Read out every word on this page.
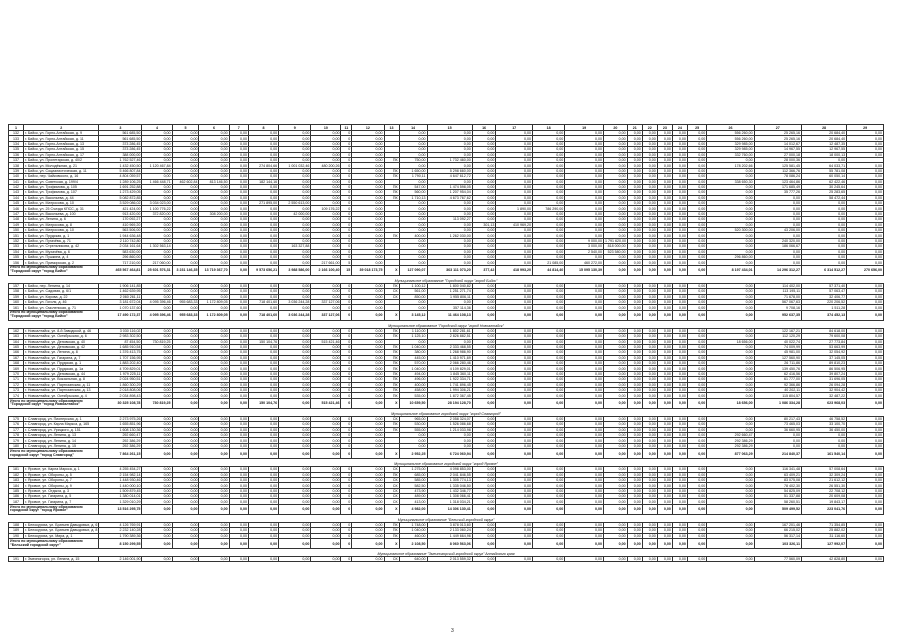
1	2	3	4	5	6	7	8	9	10	11	12	13	14	15	16	17	18	19	20	21	22	23	24	25	26	27	28	29
132	г. Бийск, ул. Горно-Алтайская, д. 9	561 685,50	0,00	0,00	0,00	0,00	0,00	0,00	0,00	0	0,00		0,00	0,00	0,00	0,00	0,00	0,00	0,00	0,00	0,00	0,00	0,00	0,00	556 260,00	25 265,16	20 684,40	0,00
133	г. Бийск, ул. Горно-Алтайская, д. 11	561 685,50	0,00	0,00	0,00	0,00	0,00	0,00	0,00	0	0,00		0,00	0,00	0,00	0,00	0,00	0,00	0,00	0,00	0,00	0,00	0,00	0,00	556 260,00	25 265,16	20 684,40	0,00
134	г. Бийск, ул. Горно-Алтайская, д. 13	373 286,45	0,00	0,00	0,00	0,00	0,00	0,00	0,00	0	0,00		0,00	0,00	0,00	0,00	0,00	0,00	0,00	0,00	0,00	0,00	0,00	0,00	329 985,00	14 012,67	12 487,35	0,00
135	г. Бийск, ул. Горно-Алтайская, д. 15	373 286,45	0,00	0,00	0,00	0,00	0,00	0,00	0,00	0	0,00		0,00	0,00	0,00	0,00	0,00	0,00	0,00	0,00	0,00	0,00	0,00	0,00	329 985,00	14 967,55	12 967,55	0,00
136	г. Бийск, ул. Горно-Алтайская, д. 17	388 000,00	0,00	0,00	0,00	0,00	0,00	0,00	0,00	0	0,00		0,00	0,00	0,00	0,00	0,00	0,00	0,00	0,00	0,00	0,00	0,00	0,00	332 760,00	27 000,18	18 000,13	0,00
137	г. Бийск, ул. Пролетарская, д. 40/2	1 762 527,46	0,00	0,00	0,00	0,00	0,00	0,00	0,00	0	0,00	ПК	750,00	1 732 460,00	0,00	0,00	0,00	0,00	0,00	0,00	0,00	0,00	0,00	0,00	0,00	28 000,36	0,00	
138	г. Бийск, ул. Молодёжная, д. 21	1 432 450,50	1 120 467,84	0,00	0,00	0,00	274 804,66	1 001 032,46	480 200,26	0	0,00		0,00	0,00	0,00	0,00	0,00	0,00	0,00	0,00	0,00	0,00	0,00	0,00	178 202,66	125 581,45	64 033,71	0,00
139	г. Бийск, ул. Социалистическая, д. 11	5 466 807,84	0,00	0,00	0,00	0,00	0,00	0,00	0,00	0	0,00	ПК	1 650,00	5 298 660,00	0,00	0,00	0,00	0,00	0,00	0,00	0,00	0,00	0,00	0,00	0,00	112 366,76	55 781,08	0,00
140	г. Бийск, пер. Чайковского, д. 16	4 804 059,57	0,00	0,00	0,00	0,00	0,00	0,00	0,00	0	0,00	ПК	1 790,11	4 647 612,72	0,00	0,00	0,00	0,00	0,00	0,00	0,00	0,00	0,00	0,00	0,00	78 086,24	60 050,14	0,00
141	г. Бийск, ул. Советская, д. 199/4	1 289 106,25	1 466 448,71	462 602,84	813 146,50	0,00	182 144,16	0,00	0,00	0	0,00		0,00	0,00	0,00	0,00	0,00	0,00	0,00	0,00	0,00	0,00	0,00	0,00	338 650,30	123 464,86	62 422,46	0,00
142	г. Бийск, ул. Трофимова, д. 105	1 691 252,88	0,00	0,00	0,00	0,00	0,00	0,00	0,00	0	0,00	ПК	547,00	1 474 598,05	0,00	0,00	0,00	0,00	0,00	0,00	0,00	0,00	0,00	0,00	0,00	171 685,49	30 245,64	0,00
143	г. Бийск, ул. Трофимова, д. 107	1 273 429,05	0,00	0,00	0,00	0,00	0,00	0,00	0,00	0	0,00	ПК	560,00	1 207 954,04	0,00	0,00	0,00	0,00	0,00	0,00	0,00	0,00	0,00	0,00	0,00	35 777,26	25 283,65	0,00
144	г. Бийск, ул. Васильева, д. 44	5 082 872,85	0,00	0,00	0,00	0,00	0,00	0,00	0,00	0	0,00	ПК	1 710,13	4 673 767,62	0,00	0,00	0,00	0,00	0,00	0,00	0,00	0,00	0,00	0,00	0,00	0,00	58 472,44	0,00
145	г. Бийск, ул. Матросова, д. 10	3 529 086,02	3 034 023,00	0,00	0,00	0,00	271 895,00	2 550 613,00	0,00	0	0,00		0,00	0,00	0,00	0,00	0,00	0,00	0,00	0,00	0,00	0,00	0,00	0,00	0,00	0,00	0,00	0,00
146	г. Бийск, ул. 25 Съезда КПСС, д. 31	421 424,00	1 100 776,22	0,00	0,00	0,00	0,00	0,00	109 176,22	0	0,00		0,00	0,00	0,00	1 890,00	786 290,00	0,00	0,00	0,00	0,00	0,00	0,00	0,00	0,00	0,00	0,00	0,00
147	г. Бийск, ул. Васильева, д. 100	913 420,00	372 820,00	0,00	308 200,00	0,00	0,00	42 000,00	0,00	0	0,00		0,00	0,00	0,00	0,00	0,00	0,00	0,00	0,00	0,00	0,00	0,00	0,00	0,00	0,00	0,00	0,00
148	г. Бийск, ул. Ленина, д. 6	170 092,27	0,00	0,00	0,00	0,00	0,00	0,00	0,00	0	0,00		0,00	113 092,27	0,00	0,00	0,00	0,00	0,00	0,00	0,00	0,00	0,00	0,00	0,00	0,00	0,00	0,00
149	г. Бийск, ул. Матросова, д. 8	410 969,20	0,00	0,00	0,00	0,00	0,00	0,00	0,00	0	0,00		0,00	0,00	301,13	410 969,20	0,00	0,00	0,00	0,00	0,00	0,00	0,00	0,00	0,00	0,00	0,00	0,00
150	г. Бийск, ул. Матросова, д. 10	563 506,00	0,00	0,00	0,00	0,00	0,00	0,00	0,00	0	0,00		0,00	0,00	0,00	0,00	0,00	0,00	0,00	0,00	0,00	0,00	0,00	0,00	520 300,00	43 206,00	0,00	0,00
151	г. Бийск, ул. Прудская, д. 1	1 944 636,48	0,00	0,00	0,00	0,00	0,00	0,00	0,00	0	0,00	ПК	400,00	1 262 030,00	0,00	0,00	0,00	0,00	0,00	0,00	0,00	0,00	0,00	0,00	0,00	0,00	0,00	0,00
152	г. Бийск, ул. Пугачёва, д. 71	2 110 742,80	0,00	0,00	0,00	0,00	0,00	0,00	0,00	0	0,00		0,00	0,00	0,00	0,00	0,00	9 000,00	1 791 620,00	0,00	0,00	0,00	0,00	0,00	0,00	240 320,00	0,00	0,00
153	г. Бийск, ул. Стрельникова, д. 42	2 034 161,64	1 302 563,14	0,00	0,00	0,00	0,00	163 327,88	0,00	0	0,00		0,00	0,00	0,00	0,00	0,00	3 000,00	818 000,00	0,00	0,00	0,00	0,00	0,00	0,00	186 066,67	0,00	0,00
154	г. Бийск, ул. Мухачёва, д. 6	583 630,00	0,00	0,00	0,00	0,00	0,00	0,00	0,00	0	0,00		0,00	0,00	0,00	0,00	0,00	2 540,00	523 580,00	0,00	0,00	0,00	0,00	0,00	0,00	0,00	0,00	0,00
155	г. Бийск, ул. Пушкина, д. 4	296 860,00	0,00	0,00	0,00	0,00	0,00	0,00	0,00	0	0,00		0,00	0,00	0,00	0,00	0,00	0,00	0,00	0,00	0,00	0,00	0,00	0,00	296 860,00	0,00	0,00	0,00
156	г. Бийск, ул. Приморская, д. 2	717 210,00	217 060,00	0,00	0,00	0,00	0,00	0,00	217 661,00	5	0,00		0,00	0,00	0,00	0,00	21 085,00	460 272,00	0,00	0,00	0,00	0,00	0,00	0,00	0,00	0,00	0,00	0,00
Итого по муниципальному образованию "Городской округ "город Бийск"		465 567 464,81	25 601 576,31	3 231 146,35	13 719 367,70	0,00	9 573 656,21	3 988 586,00	2 166 100,40	15	39 018 173,75	Х	127 090,07	363 111 073,20	377,42	418 993,20	44 814,40	15 095 130,39	0,00	0,00	0,00	0,00	0,00	0,00	8 197 434,01	14 296 312,27	6 314 512,27	270 656,00
Муниципальное образование "Городской округ "город Бийск"																												
157	г. Бийск, пер. Ленина, д. 14	1 906 141,85	0,00	0,00	0,00	0,00	0,00	0,00	0,00	0	0,00	ПК	1 100,12	1 800 040,82	0,00	0,00	0,00	0,00	0,00	0,00	0,00	0,00	0,00	0,00	0,00	114 402,00	57 371,40	0,00
158	г. Бийск, ул. Садовая, д. 6/1	1 462 639,95	0,00	0,00	0,00	0,00	0,00	0,00	0,00	0	0,00	СК	561,00	1 251 271,74	0,00	0,00	0,00	0,00	0,00	0,00	0,00	0,00	0,00	0,00	0,00	113 195,11	57 063,47	0,00
159	г. Бийск, ул. Кирова, д. 22	2 060 261,11	0,00	0,00	0,00	0,00	0,00	0,00	0,00	0	0,00	СК	850,00	1 955 806,11	0,00	0,00	0,00	0,00	0,00	0,00	0,00	0,00	0,00	0,00	0,00	71 678,00	32 406,77	0,00
160	г. Бийск, ул. Гоголя, д. 46	3 181 672,04	4 095 396,46	955 683,33	1 172 809,05	0,00	718 401,60	3 036 244,28	337 127,06	0	0,00		0,00	0,00	0,00	0,00	0,00	0,00	0,00	0,00	0,00	0,00	0,00	0,00	0,00	567 067,63	220 206,52	0,00
161	г. Бийск, ул. Смоленская, д. 71	1 070 137,60	0,00	0,00	0,00	0,00	0,00	0,00	0,00	0	0,00		0,00	357 114,36	0,00	0,00	0,00	0,00	0,00	0,00	0,00	0,00	0,00	0,00	0,00	9 708,16	1 511,28	0,00
Итого по муниципальному образованию "Городской округ "город Бийск"		17 490 172,37	4 095 396,46	955 683,33	1 172 809,05	0,00	718 401,60	3 036 244,28	337 127,06	0	0,00	Х	3 145,12	11 464 108,13	0,00	0,00	0,00	0,00	0,00	0,00	0,00	0,00	0,00	0,00	0,00	952 637,35	374 452,13	0,00
Муниципальное образование "Городской округ "город Новоалтайск"																												
162	г. Новоалтайск, ул. 8-й Заводской, д. 46	3 030 116,02	0,00	0,00	0,00	0,00	0,00	0,00	0,00	0	0,00	ПК	1 110,00	1 802 281,61	0,00	0,00	0,00	0,00	0,00	0,00	0,00	0,00	0,00	0,00	0,00	122 167,21	84 618,00	0,00
163	г. Новоалтайск, ул. Октябрьская, д. 6	2 983 302,50	0,00	0,00	0,00	0,00	0,00	0,00	0,00	0	0,00	ПК	1 125,10	2 826 882,51	0,00	0,00	0,00	0,00	0,00	0,00	0,00	0,00	0,00	0,00	0,00	112 120,29	79 600,08	0,00
164	г. Новоалтайск, ул. Деповская, д. 40	87 454,50	730 819,25	0,00	0,00	0,00	150 104,76	0,00	515 421,46	0	0,00		0,00	0,00	0,00	0,00	0,00	0,00	0,00	0,00	0,00	0,00	0,00	0,00	18 656,00	40 022,74	27 773,84	0,00
165	г. Новоалтайск, ул. Деповская, д. 42	1 685 910,54	0,00	0,00	0,00	0,00	0,00	0,00	0,00	0	0,00	ПК	1 040,00	2 333 468,55	0,00	0,00	0,00	0,00	0,00	0,00	0,00	0,00	0,00	0,00	0,00	74 009,99	53 663,99	0,00
166	г. Новоалтайск, ул. Ленина, д. 8	1 376 413,75	0,00	0,00	0,00	0,00	0,00	0,00	0,00	0	0,00	ПК	380,00	1 268 986,90	0,00	0,00	0,00	0,00	0,00	0,00	0,00	0,00	0,00	0,00	0,00	45 981,00	32 054,92	0,00
167	г. Новоалтайск, ул. Гагарина, д. 7	1 707 156,95	0,00	0,00	0,00	0,00	0,00	0,00	0,00	0	0,00	ПК	445,00	1 410 971,69	0,00	0,00	0,00	0,00	0,00	0,00	0,00	0,00	0,00	0,00	0,00	127 560,90	37 145,05	0,00
168	г. Новоалтайск, ул. Прудская, д. 1	1 883 202,40	0,00	0,00	0,00	0,00	0,00	0,00	0,00	0	0,00	ПК	570,00	2 066 280,46	0,00	0,00	0,00	0,00	0,00	0,00	0,00	0,00	0,00	0,00	0,00	26 711,86	89 810,23	0,00
169	г. Новоалтайск, ул. Прудская, д. 1а	4 709 829,01	0,00	0,00	0,00	0,00	0,00	0,00	0,00	0	0,00	ПК	1 040,00	4 109 829,01	0,00	0,00	0,00	0,00	0,00	0,00	0,00	0,00	0,00	0,00	0,00	139 450,76	86 506,95	0,00
170	г. Новоалтайск, ул. Деповская, д. 44	1 979 225,11	0,00	0,00	0,00	0,00	0,00	0,00	0,00	0	0,00	ПК	494,00	1 845 360,11	0,00	0,00	0,00	0,00	0,00	0,00	0,00	0,00	0,00	0,00	0,00	62 416,56	39 807,24	0,00
171	г. Новоалтайск, ул. Вокзальная, д. 8	2 024 950,51	0,00	0,00	0,00	0,00	0,00	0,00	0,00	0	0,00	ПК	496,00	1 922 334,71	0,00	0,00	0,00	0,00	0,00	0,00	0,00	0,00	0,00	0,00	0,00	61 777,00	31 696,05	0,00
172	г. Новоалтайск, ул. Партизанская, д. 11	1 860 300,29	0,00	0,00	0,00	0,00	0,00	0,00	0,00	0	0,00	ПК	400,00	1 741 896,45	0,00	0,00	0,00	0,00	0,00	0,00	0,00	0,00	0,00	0,00	0,00	92 366,86	26 094,28	0,00
173	г. Новоалтайск, ул. Партизанская, д. 13	2 018 808,06	0,00	0,00	0,00	0,00	0,00	0,00	0,00	0	0,00	ПК	458,00	1 994 306,21	0,00	0,00	0,00	0,00	0,00	0,00	0,00	0,00	0,00	0,00	0,00	40 202,11	32 904,42	0,00
174	г. Новоалтайск, ул. Октябрьская, д. 4	2 034 898,43	0,00	0,00	0,00	0,00	0,00	0,00	0,00	0	0,00	ПК	535,00	1 872 367,45	0,00	0,00	0,00	0,00	0,00	0,00	0,00	0,00	0,00	0,00	0,00	115 804,57	32 487,22	0,00
Итого по муниципальному образованию "Городской округ "город Новоалтайск"		30 325 108,78	730 819,25	0,00	0,00	0,00	150 104,76	0,00	515 421,46	0	0,00	Х	10 659,50	28 194 128,70	0,00	0,00	0,00	0,00	0,00	0,00	0,00	0,00	0,00	0,00	18 656,00	1 086 334,28	623 968,03	0,00
Муниципальное образование городской округ "город Славгород"																												
175	г. Славгород, ул. Пионерская, д. 1	2 273 975,26	0,00	0,00	0,00	0,00	0,00	0,00	0,00	0	0,00	СК	965,00	2 058 324,07	0,00	0,00	0,00	0,00	0,00	0,00	0,00	0,00	0,00	0,00	0,00	80 217,43	46 758,52	0,00
176	г. Славгород, ул. Карла Маркса, д. 165	1 655 851,96	0,00	0,00	0,00	0,00	0,00	0,00	0,00	0	0,00	ПК	530,00	1 526 086,68	0,00	0,00	0,00	0,00	0,00	0,00	0,00	0,00	0,00	0,00	0,00	73 465,03	33 100,70	0,00
177	г. Славгород, ул. Урицкого, д. 151	1 608 130,36	0,00	0,00	0,00	0,00	0,00	0,00	0,00	0	0,00	ПК	555,00	1 214 033,98	0,00	0,00	0,00	0,00	0,00	0,00	0,00	0,00	0,00	0,00	0,00	36 660,95	36 450,00	0,00
178	г. Славгород, ул. Ленина, д. 13	292 660,47	0,00	0,00	0,00	0,00	0,00	0,00	0,00	0	0,00		0,00	0,00	0,00	0,00	0,00	0,00	0,00	0,00	0,00	0,00	0,00	0,00	292 660,47	0,00	0,00	0,00
179	г. Славгород, ул. Ленина, д. 14	292 386,29	0,00	0,00	0,00	0,00	0,00	0,00	0,00	0	0,00		0,00	0,00	0,00	0,00	0,00	0,00	0,00	0,00	0,00	0,00	0,00	0,00	292 386,29	0,00	0,00	0,00
180	г. Славгород, ул. Ленина, д. 15	292 386,29	0,00	0,00	0,00	0,00	0,00	0,00	0,00	0	0,00		0,00	0,00	0,00	0,00	0,00	0,00	0,00	0,00	0,00	0,00	0,00	0,00	292 386,29	0,00	0,00	0,00
Итого по муниципальному образованию городской округ "город Славгород"		7 864 261,15	0,00	0,00	0,00	0,00	0,00	0,00	0,00	0	0,00	Х	2 952,25	6 724 060,94	0,00	0,00	0,00	0,00	0,00	0,00	0,00	0,00	0,00	0,00	877 063,29	214 840,37	161 540,14	0,00
Муниципальное образование городской округ "город Яровое"																												
181	г. Яровое, ул. Карла Маркса, д. 1	4 255 454,27	0,00	0,00	0,00	0,00	0,00	0,00	0,00	0	0,00	СК	1 275,00	4 098 853,00	0,00	0,00	0,00	0,00	0,00	0,00	0,00	0,00	0,00	0,00	0,00	116 341,48	57 008,64	0,00
182	г. Яровое, ул. Обороны, д. 5	2 154 982,14	0,00	0,00	0,00	0,00	0,00	0,00	0,00	0	0,00	ПК	685,00	2 041 846,55	0,00	0,00	0,00	0,00	0,00	0,00	0,00	0,00	0,00	0,00	0,00	63 409,21	32 309,24	0,00
183	г. Яровое, ул. Обороны, д. 7	1 448 930,46	0,00	0,00	0,00	0,00	0,00	0,00	0,00	0	0,00	СК	585,00	1 305 774,13	0,00	0,00	0,00	0,00	0,00	0,00	0,00	0,00	0,00	0,00	0,00	83 075,08	21 612,12	0,00
184	г. Яровое, ул. Обороны, д. 9	1 440 000,10	0,00	0,00	0,00	0,00	0,00	0,00	0,00	0	0,00	СК	582,50	1 335 046,50	0,00	0,00	0,00	0,00	0,00	0,00	0,00	0,00	0,00	0,00	0,00	78 402,30	26 551,30	0,00
185	г. Яровое, ул. Отдыха, д. 3	1 509 879,45	0,00	0,00	0,00	0,00	0,00	0,00	0,00	0	0,00	СК	473,90	1 432 346,77	0,00	0,00	0,00	0,00	0,00	0,00	0,00	0,00	0,00	0,00	0,00	54 825,09	22 708,12	0,00
186	г. Яровое, ул. Гагарина, д. 5	1 380 014,01	0,00	0,00	0,00	0,00	0,00	0,00	0,00	0	0,00	СК	489,00	1 308 066,41	0,00	0,00	0,00	0,00	0,00	0,00	0,00	0,00	0,00	0,00	0,00	51 337,88	20 609,08	0,00
187	г. Яровое, ул. Гагарина, д. 7	1 329 010,29	0,00	0,00	0,00	0,00	0,00	0,00	0,00	0	0,00	СК	413,00	1 318 034,21	0,00	0,00	0,00	0,00	0,00	0,00	0,00	0,00	0,00	0,00	0,00	58 260,51	19 843,17	0,00
Итого по муниципальному образованию городской округ "город Яровое"		13 516 295,75	0,00	0,00	0,00	0,00	0,00	0,00	0,00	0	0,00	Х	4 982,00	14 306 130,41	0,00	0,00	0,00	0,00	0,00	0,00	0,00	0,00	0,00	0,00	0,00	509 499,52	223 041,76	0,00
Муниципальное образование "Бельский городской округ"																												
188	г. Белокуриха, ул. Братьев Давыдовых, д. 6	4 126 769,91	0,00	0,00	0,00	0,00	0,00	0,00	0,00	0	0,00	ПК	1 748,00	3 878 013,60	0,00	0,00	0,00	0,00	0,00	0,00	0,00	0,00	0,00	0,00	0,00	167 201,46	71 354,85	0,00
189	г. Белокуриха, ул. Братьев Давыдовых, д. 8	2 232 140,28	0,00	0,00	0,00	0,00	0,00	0,00	0,00	0	0,00	ПК	1 040,00	2 133 060,24	0,00	0,00	0,00	0,00	0,00	0,00	0,00	0,00	0,00	0,00	0,00	66 215,02	25 882,02	0,00
190	г. Белокуриха, ул. Мира, д. 1	1 790 389,36	0,00	0,00	0,00	0,00	0,00	0,00	0,00	0	0,00	ПК	460,00	1 449 664,96	0,00	0,00	0,00	0,00	0,00	0,00	0,00	0,00	0,00	0,00	0,00	56 317,14	31 116,60	0,00
Итого по муниципальному образованию "Бельский городской округ"		8 150 299,55	0,00	0,00	0,00	0,00	0,00	0,00	0,00	0	0,00	Х	2 108,50	8 060 563,06	0,00	0,00	0,00	0,00	0,00	0,00	0,00	0,00	0,00	0,00	0,00	103 326,11	127 992,07	0,00
Муниципальное образование "Змеиногорский городской округ" Алтайского края																												
191	г. Змеиногорск, ул. Ленина, д. 15	2 146 001,90	0,00	0,00	0,00	0,00	0,00	0,00	0,00	0	0,00	СК	640,00	2 013 559,32	0,00	0,00	0,00	0,00	0,00	0,00	0,00	0,00	0,00	0,00	0,00	77 560,09	42 828,80	0,00
3
